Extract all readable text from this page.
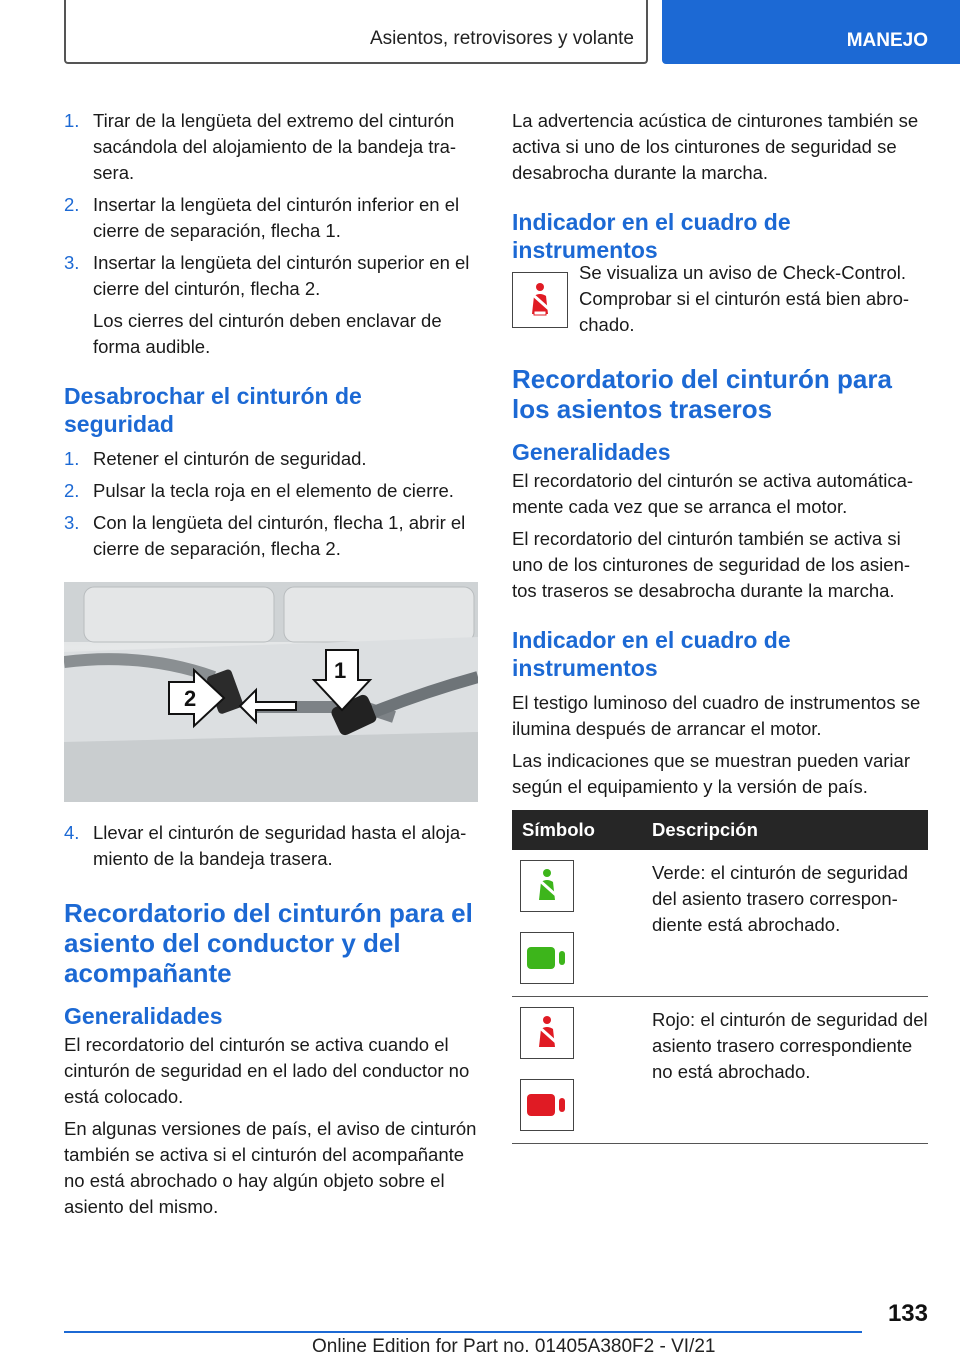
Asientos, retrovisores y volante	MANEJO
1. Tirar de la lengüeta del extremo del cinturón sacándola del alojamiento de la bandeja trasera.
2. Insertar la lengüeta del cinturón inferior en el cierre de separación, flecha 1.
3. Insertar la lengüeta del cinturón superior en el cierre del cinturón, flecha 2.
Los cierres del cinturón deben enclavar de forma audible.
Desabrochar el cinturón de seguridad
1. Retener el cinturón de seguridad.
2. Pulsar la tecla roja en el elemento de cierre.
3. Con la lengüeta del cinturón, flecha 1, abrir el cierre de separación, flecha 2.
2
1
4. Llevar el cinturón de seguridad hasta el alojamiento de la bandeja trasera.
Recordatorio del cinturón para el asiento del conductor y del acompañante
Generalidades

El recordatorio del cinturón se activa cuando el cinturón de seguridad en el lado del conductor no está colocado.

En algunas versiones de país, el aviso de cinturón también se activa si el cinturón del acompañante no está abrochado o hay algún objeto sobre el asiento del mismo.

La advertencia acústica de cinturones también se activa si uno de los cinturones de seguridad se desabrocha durante la marcha.

Indicador en el cuadro de instrumentos
Se visualiza un aviso de Check-Control. Comprobar si el cinturón está bien abrochado.
Recordatorio del cinturón para los asientos traseros
Generalidades

El recordatorio del cinturón se activa automáticamente cada vez que se arranca el motor.

El recordatorio del cinturón también se activa si uno de los cinturones de seguridad de los asientos traseros se desabrocha durante la marcha.

Indicador en el cuadro de instrumentos

El testigo luminoso del cuadro de instrumentos se ilumina después de arrancar el motor.

Las indicaciones que se muestran pueden variar según el equipamiento y la versión de país.

Símbolo	Descripción

	Verde: el cinturón de seguridad del asiento trasero correspondiente está abrochado.

	Rojo: el cinturón de seguridad del asiento trasero correspondiente no está abrochado.
133
Online Edition for Part no. 01405A380F2 - VI/21
